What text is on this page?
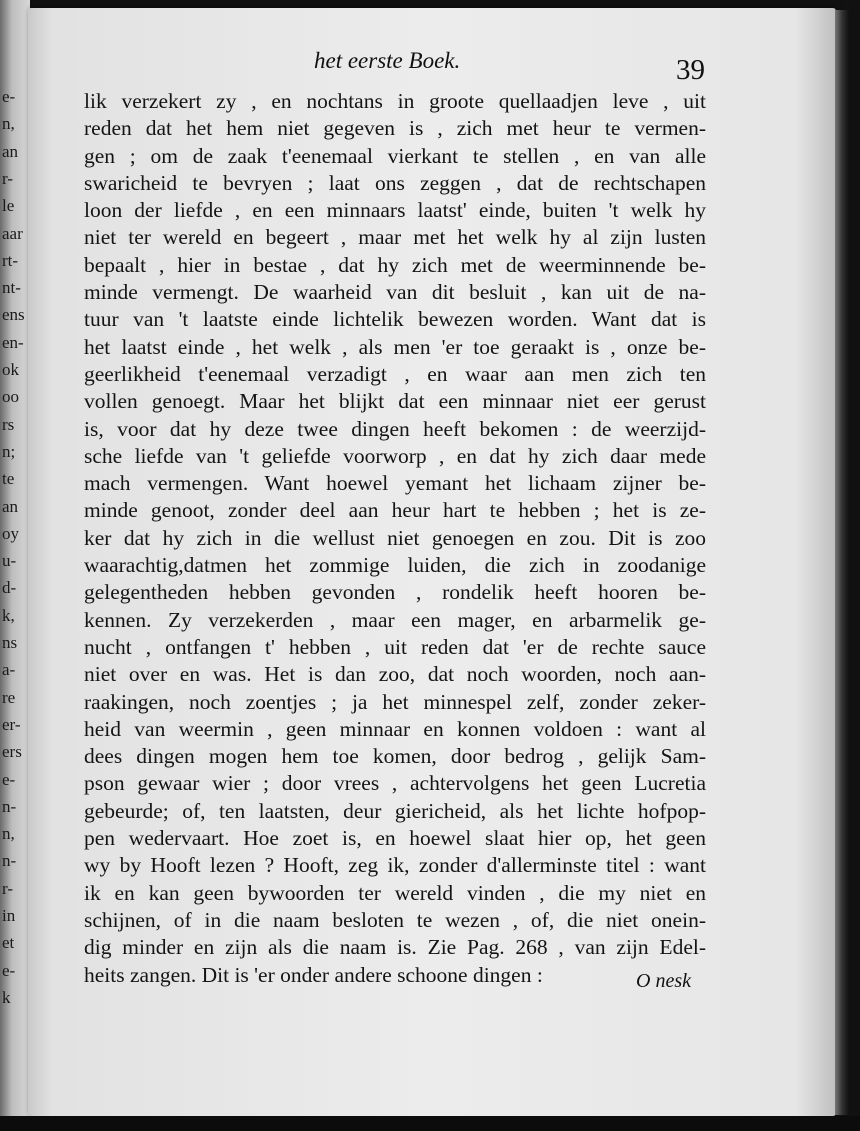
e-
n,
an
r-
le
aar
rt-
nt-
ens
en-
ok
oo
rs
n;
te
an
oy
u-
d-
k,
ns
a-
re
er-
ers
e-
n-
n,
n-
r-
in
et
e-
k
het eerste Boek.	39
lik verzekert zy , en nochtans in groote quellaadjen leve , uit
reden dat het hem niet gegeven is , zich met heur te vermen-
gen ; om de zaak t'eenemaal vierkant te stellen , en van alle
swaricheid te bevryen ; laat ons zeggen , dat de rechtschapen
loon der liefde , en een minnaars laatst' einde, buiten 't welk hy
niet ter wereld en begeert , maar met het welk hy al zijn lusten
bepaalt , hier in bestae , dat hy zich met de weerminnende be-
minde vermengt. De waarheid van dit besluit , kan uit de na-
tuur van 't laatste einde lichtelik bewezen worden. Want dat is
het laatst einde , het welk , als men 'er toe geraakt is , onze be-
geerlikheid t'eenemaal verzadigt , en waar aan men zich ten
vollen genoegt. Maar het blijkt dat een minnaar niet eer gerust
is, voor dat hy deze twee dingen heeft bekomen : de weerzijd-
sche liefde van 't geliefde voorworp , en dat hy zich daar mede
mach vermengen. Want hoewel yemant het lichaam zijner be-
minde genoot, zonder deel aan heur hart te hebben ; het is ze-
ker dat hy zich in die wellust niet genoegen en zou. Dit is zoo
waarachtig,datmen het zommige luiden, die zich in zoodanige
gelegentheden hebben gevonden , rondelik heeft hooren be-
kennen. Zy verzekerden , maar een mager, en arbarmelik ge-
nucht , ontfangen t' hebben , uit reden dat 'er de rechte sauce
niet over en was. Het is dan zoo, dat noch woorden, noch aan-
raakingen, noch zoentjes ; ja het minnespel zelf, zonder zeker-
heid van weermin , geen minnaar en konnen voldoen : want al
dees dingen mogen hem toe komen, door bedrog , gelijk Sam-
pson gewaar wier ; door vrees , achtervolgens het geen Lucretia
gebeurde; of, ten laatsten, deur giericheid, als het lichte hofpop-
pen wedervaart. Hoe zoet is, en hoewel slaat hier op, het geen
wy by Hooft lezen ? Hooft, zeg ik, zonder d'allerminste titel : want
ik en kan geen bywoorden ter wereld vinden , die my niet en
schijnen, of in die naam besloten te wezen , of, die niet onein-
dig minder en zijn als die naam is. Zie Pag. 268 , van zijn Edel-
heits zangen. Dit is 'er onder andere schoone dingen :	O nesk
